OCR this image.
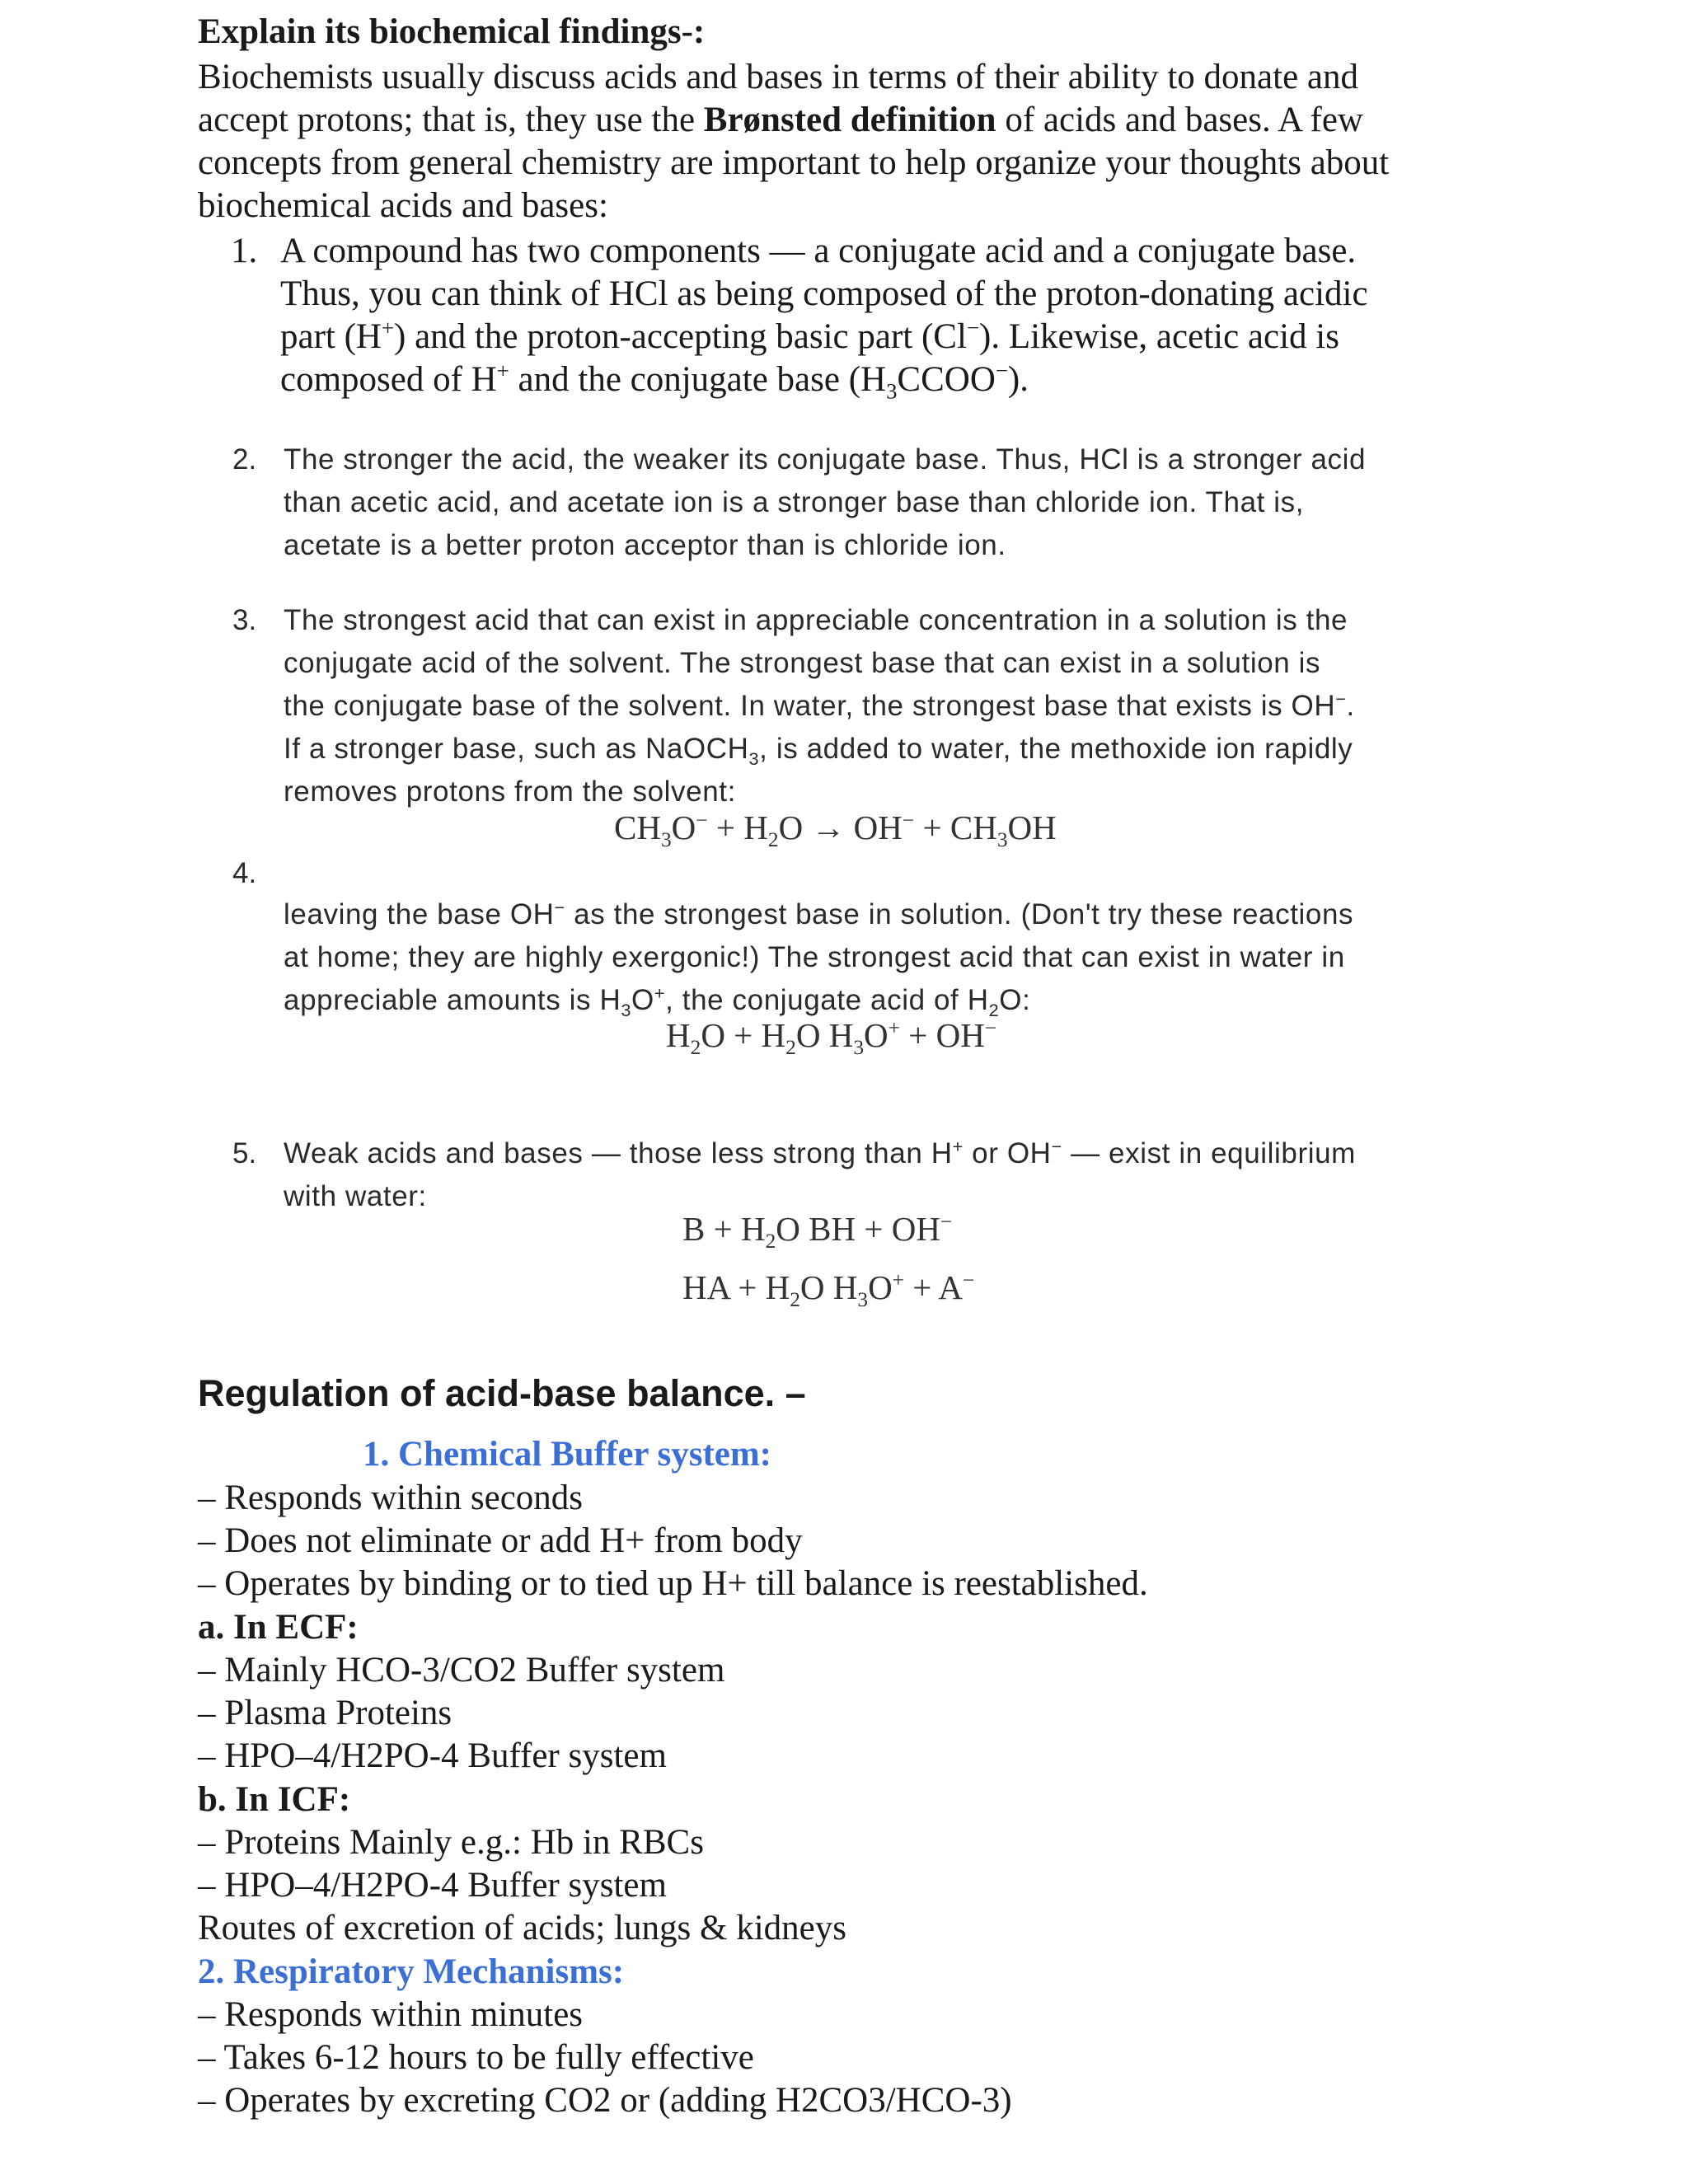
Explain its biochemical findings-:
Biochemists usually discuss acids and bases in terms of their ability to donate and
accept protons; that is, they use the Brønsted definition of acids and bases. A few
concepts from general chemistry are important to help organize your thoughts about
biochemical acids and bases:
1. A compound has two components — a conjugate acid and a conjugate base.
Thus, you can think of HCl as being composed of the proton-donating acidic
part (H+) and the proton-accepting basic part (Cl−). Likewise, acetic acid is
composed of H+ and the conjugate base $(H_3CCOO^-)$.
2. The stronger the acid, the weaker its conjugate base. Thus, HCl is a stronger acid
than acetic acid, and acetate ion is a stronger base than chloride ion. That is,
acetate is a better proton acceptor than is chloride ion.
3. The strongest acid that can exist in appreciable concentration in a solution is the
conjugate acid of the solvent. The strongest base that can exist in a solution is
the conjugate base of the solvent. In water, the strongest base that exists is OH−.
If a stronger base, such as NaOCH$_3$, is added to water, the methoxide ion rapidly
removes protons from the solvent:
$CH_3O^- + H_2O \to OH^- + CH_3OH$
4.
leaving the base OH− as the strongest base in solution. (Don't try these reactions
at home; they are highly exergonic!) The strongest acid that can exist in water in
appreciable amounts is $H_3O^+$, the conjugate acid of $H_2O$:
$H_2O + H_2O$ $H_3O^+ + OH^-$
5. Weak acids and bases — those less strong than H+ or OH− — exist in equilibrium
with water:
$B + H_2O$ BH + OH−
HA + $H_2O$ $H_3O^+ + A^-$
Regulation of acid-base balance. –
1. Chemical Buffer system:
– Responds within seconds
– Does not eliminate or add H+ from body
– Operates by binding or to tied up H+ till balance is reestablished.
a. In ECF:
– Mainly HCO-3/CO2 Buffer system
– Plasma Proteins
– HPO–4/H2PO-4 Buffer system
b. In ICF:
– Proteins Mainly e.g.: Hb in RBCs
– HPO–4/H2PO-4 Buffer system
Routes of excretion of acids; lungs & kidneys
2. Respiratory Mechanisms:
– Responds within minutes
– Takes 6-12 hours to be fully effective
– Operates by excreting CO2 or (adding H2CO3/HCO-3)
